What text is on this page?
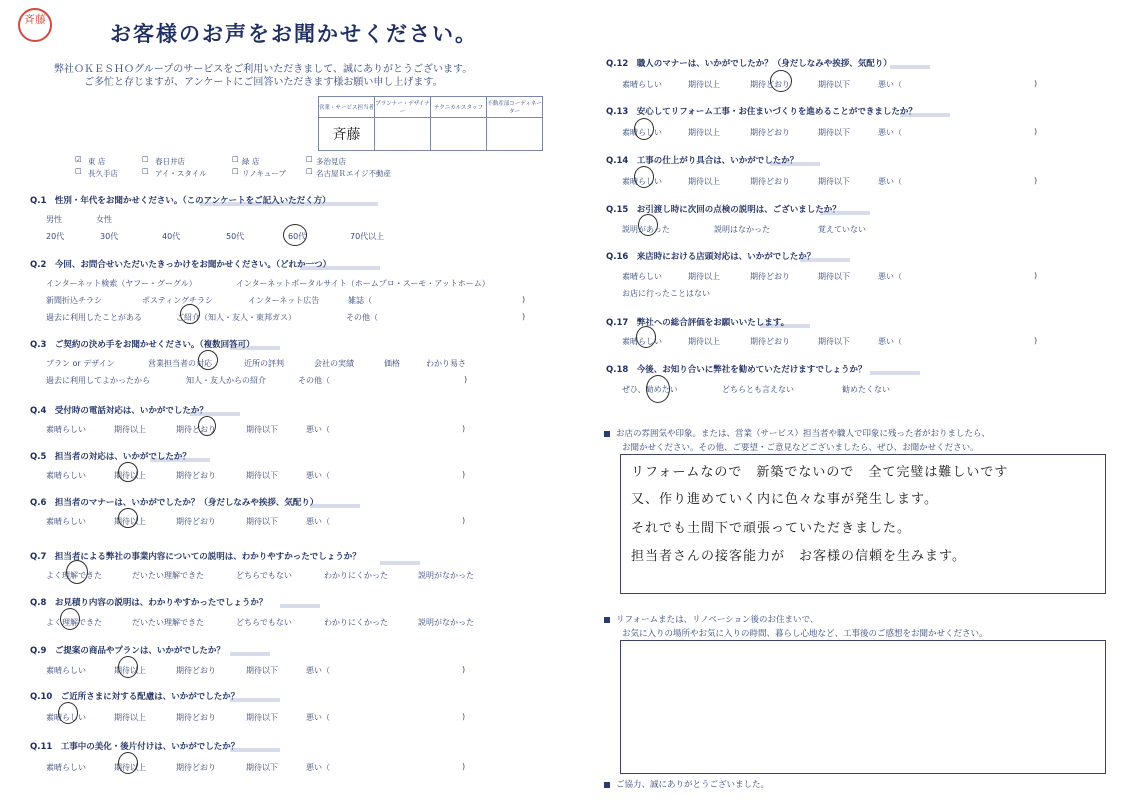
斉藤
お客様のお声をお聞かせください。
弊社ＯＫＥＳＨＯグループのサービスをご利用いただきまして、誠にありがとうございます。
ご多忙と存じますが、アンケートにご回答いただきます様お願い申し上げます。
営業・サービス担当者	プランナー・デザイナー	テクニカルスタッフ	不動産部コーディネーター
斉藤			
☑ 東 店	☐ 春日井店	☐ 緑 店	☐ 多治見店
☐ 長久手店	☐ アイ・スタイル	☐ リノキューブ	☐ 名古屋Ｒエイジ不動産
Q.1　性別・年代をお聞かせください。（このアンケートをご記入いただく方）
男性	女性
20代	30代	40代	50代	60代	70代以上
Q.2　今回、お問合せいただいたきっかけをお聞かせください。（どれか一つ）
インターネット検索（ヤフー・グーグル）	インターネットポータルサイト（ホームプロ・スーモ・アットホーム）
新聞折込チラシ	ポスティングチラシ	インターネット広告	雑誌（	)
過去に利用したことがある	ご紹介（知人・友人・東邦ガス）	その他（	)
Q.3　ご契約の決め手をお聞かせください。（複数回答可）
プラン or デザイン	営業担当者の対応	近所の評判	会社の実績	価格	わかり易さ
過去に利用してよかったから	知人・友人からの紹介	その他（	)
Q.4　受付時の電話対応は、いかがでしたか？
素晴らしい	期待以上	期待どおり	期待以下	悪い（	)
Q.5　担当者の対応は、いかがでしたか？
素晴らしい	期待以上	期待どおり	期待以下	悪い（	)
Q.6　担当者のマナーは、いかがでしたか？（身だしなみや挨拶、気配り）
素晴らしい	期待以上	期待どおり	期待以下	悪い（	)
Q.7　担当者による弊社の事業内容についての説明は、わかりやすかったでしょうか？
よく理解できた	だいたい理解できた	どちらでもない	わかりにくかった	説明がなかった
Q.8　お見積り内容の説明は、わかりやすかったでしょうか？
よく理解できた	だいたい理解できた	どちらでもない	わかりにくかった	説明がなかった
Q.9　ご提案の商品やプランは、いかがでしたか？
素晴らしい	期待以上	期待どおり	期待以下	悪い（	)
Q.10　ご近所さまに対する配慮は、いかがでしたか？
素晴らしい	期待以上	期待どおり	期待以下	悪い（	)
Q.11　工事中の美化・後片付けは、いかがでしたか？
素晴らしい	期待以上	期待どおり	期待以下	悪い（	)
Q.12　職人のマナーは、いかがでしたか？（身だしなみや挨拶、気配り）
素晴らしい	期待以上	期待どおり	期待以下	悪い（	)
Q.13　安心してリフォーム工事・お住まいづくりを進めることができましたか？
素晴らしい	期待以上	期待どおり	期待以下	悪い（	)
Q.14　工事の仕上がり具合は、いかがでしたか？
素晴らしい	期待以上	期待どおり	期待以下	悪い（	)
Q.15　お引渡し時に次回の点検の説明は、ございましたか？
説明があった	説明はなかった	覚えていない
Q.16　来店時における店頭対応は、いかがでしたか？
素晴らしい	期待以上	期待どおり	期待以下	悪い（	)
お店に行ったことはない
Q.17　弊社への総合評価をお願いいたします。
素晴らしい	期待以上	期待どおり	期待以下	悪い（	)
Q.18　今後、お知り合いに弊社を勧めていただけますでしょうか？
ぜひ、勧めたい	どちらとも言えない	勧めたくない
お店の雰囲気や印象。または、営業（サービス）担当者や職人で印象に残った者がおりましたら、
お聞かせください。その他、ご要望・ご意見などございましたら、ぜひ、お聞かせください。
リフォームなので　新築でないので　全て完璧は難しいです
又、作り進めていく内に色々な事が発生します。
それでも土間下で頑張っていただきました。
担当者さんの接客能力が　お客様の信頼を生みます。
リフォームまたは、リノベーション後のお住まいで、
お気に入りの場所やお気に入りの時間、暮らし心地など、工事後のご感想をお聞かせください。
ご協力、誠にありがとうございました。
